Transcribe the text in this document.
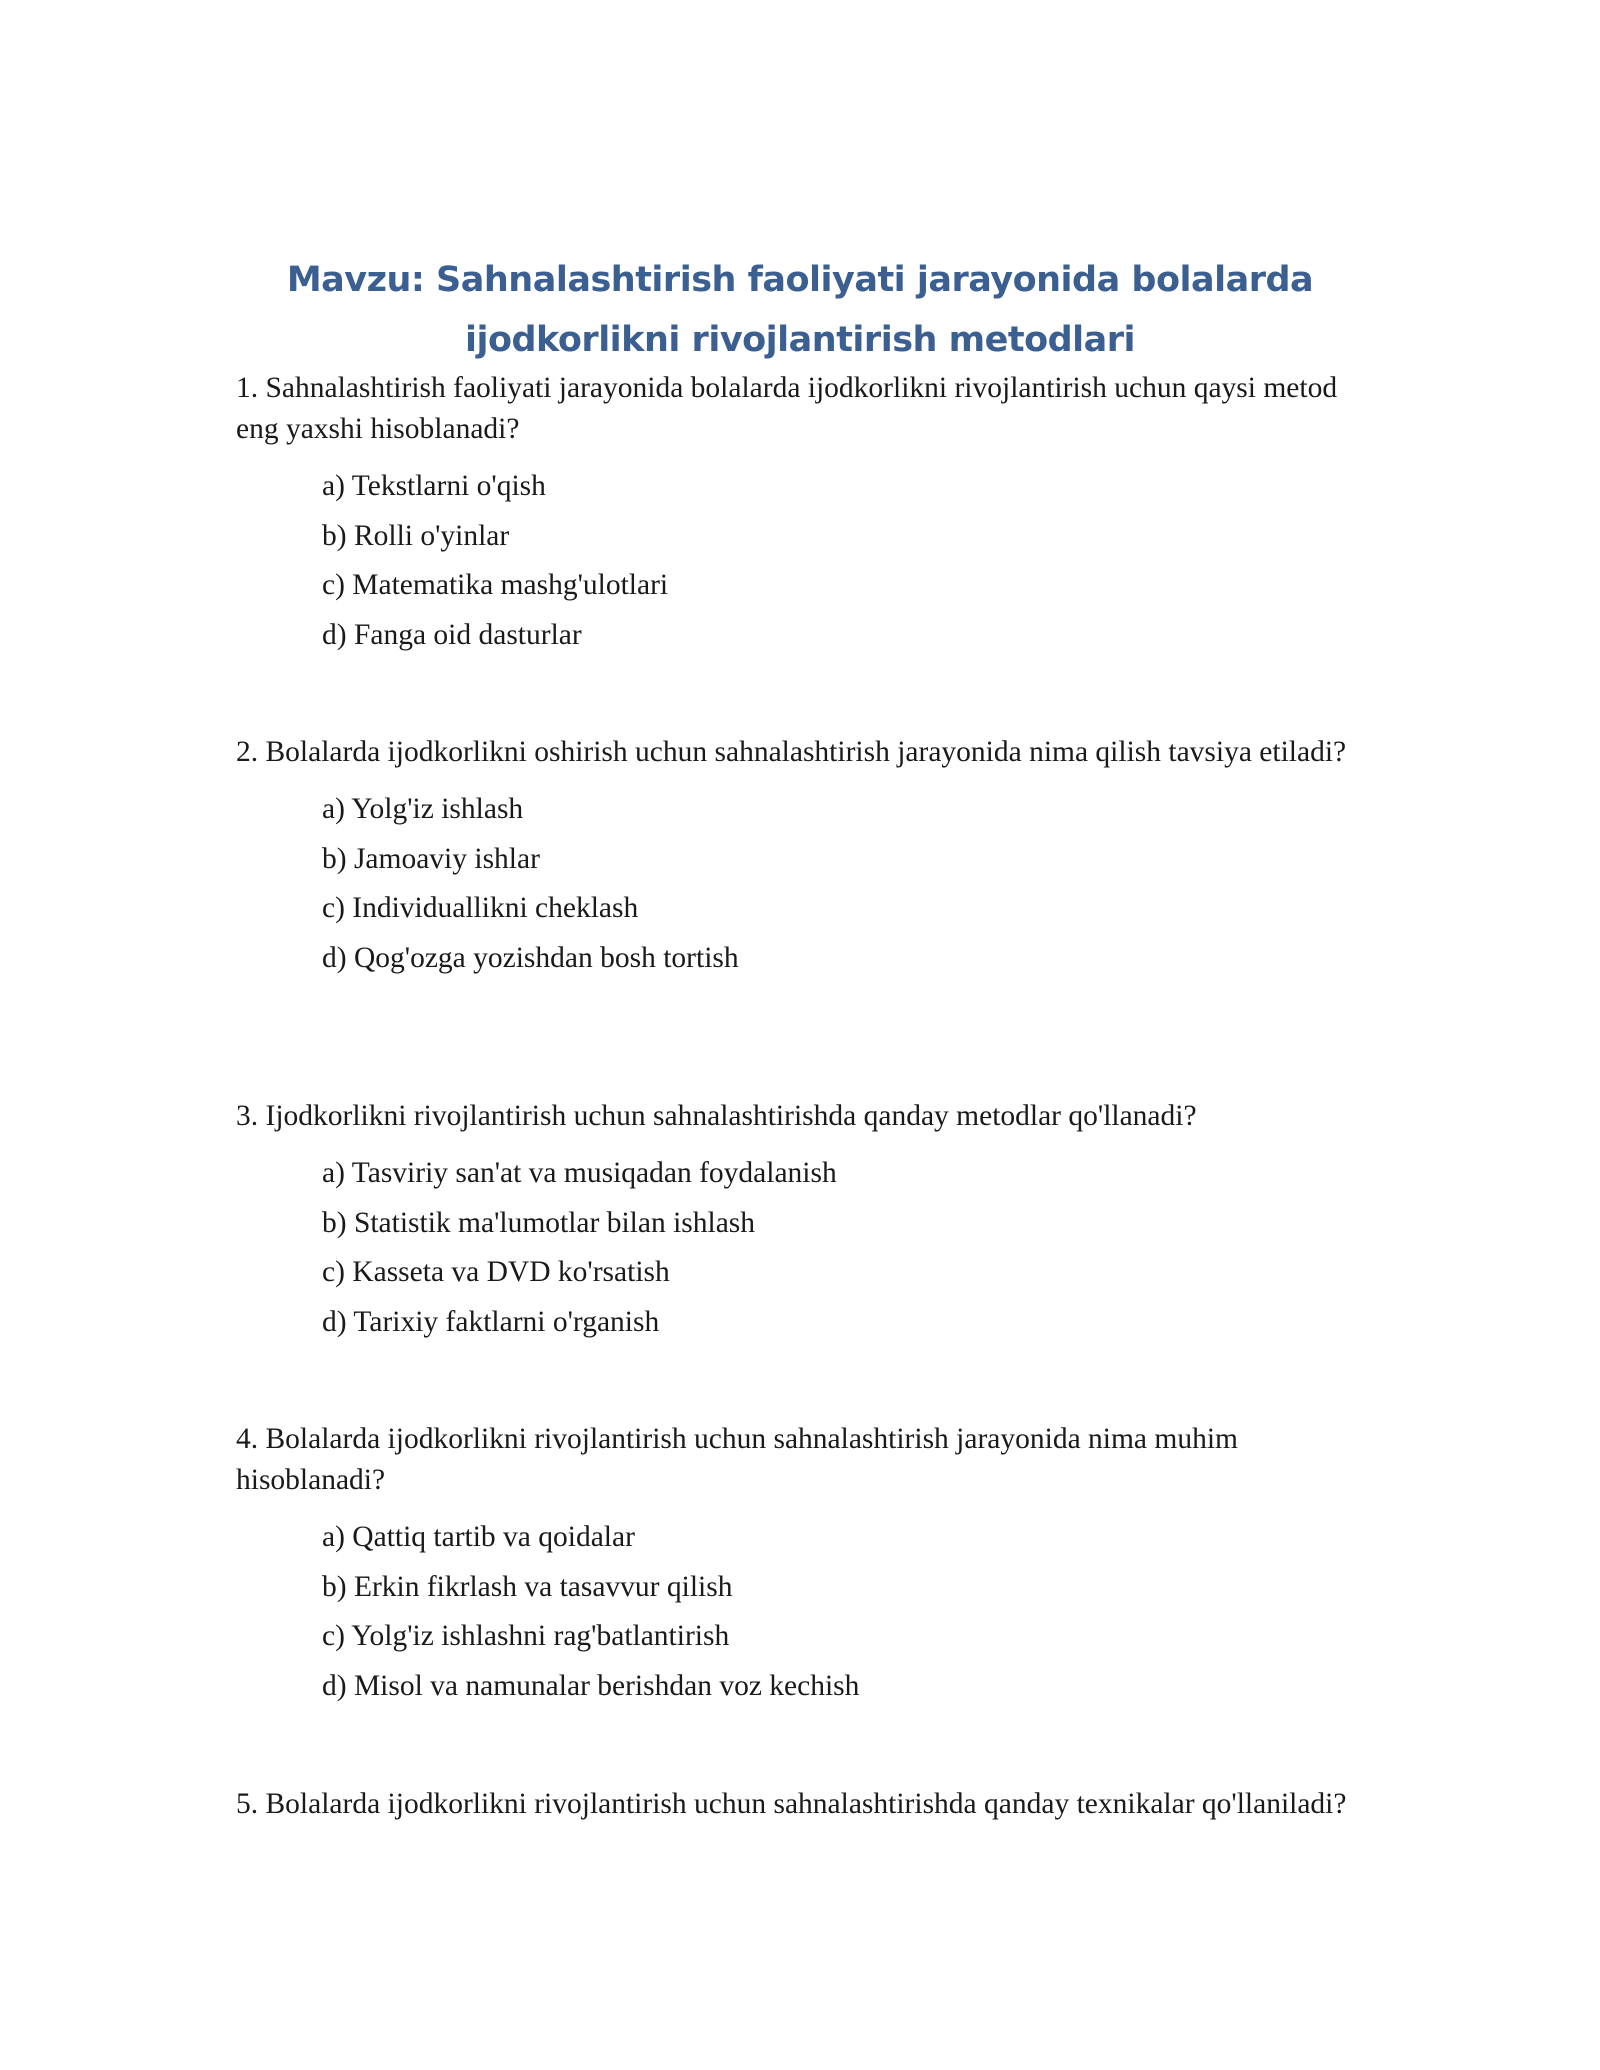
Mavzu: Sahnalashtirish faoliyati jarayonida bolalarda ijodkorlikni rivojlantirish metodlari

1. Sahnalashtirish faoliyati jarayonida bolalarda ijodkorlikni rivojlantirish uchun qaysi metod eng yaxshi hisoblanadi?

a) Tekstlarni o'qish
b) Rolli o'yinlar
c) Matematika mashg'ulotlari
d) Fanga oid dasturlar

2. Bolalarda ijodkorlikni oshirish uchun sahnalashtirish jarayonida nima qilish tavsiya etiladi?

a) Yolg'iz ishlash
b) Jamoaviy ishlar
c) Individuallikni cheklash
d) Qog'ozga yozishdan bosh tortish

3. Ijodkorlikni rivojlantirish uchun sahnalashtirishda qanday metodlar qo'llanadi?

a) Tasviriy san'at va musiqadan foydalanish
b) Statistik ma'lumotlar bilan ishlash
c) Kasseta va DVD ko'rsatish
d) Tarixiy faktlarni o'rganish

4. Bolalarda ijodkorlikni rivojlantirish uchun sahnalashtirish jarayonida nima muhim hisoblanadi?

a) Qattiq tartib va qoidalar
b) Erkin fikrlash va tasavvur qilish
c) Yolg'iz ishlashni rag'batlantirish
d) Misol va namunalar berishdan voz kechish

5. Bolalarda ijodkorlikni rivojlantirish uchun sahnalashtirishda qanday texnikalar qo'llaniladi?
